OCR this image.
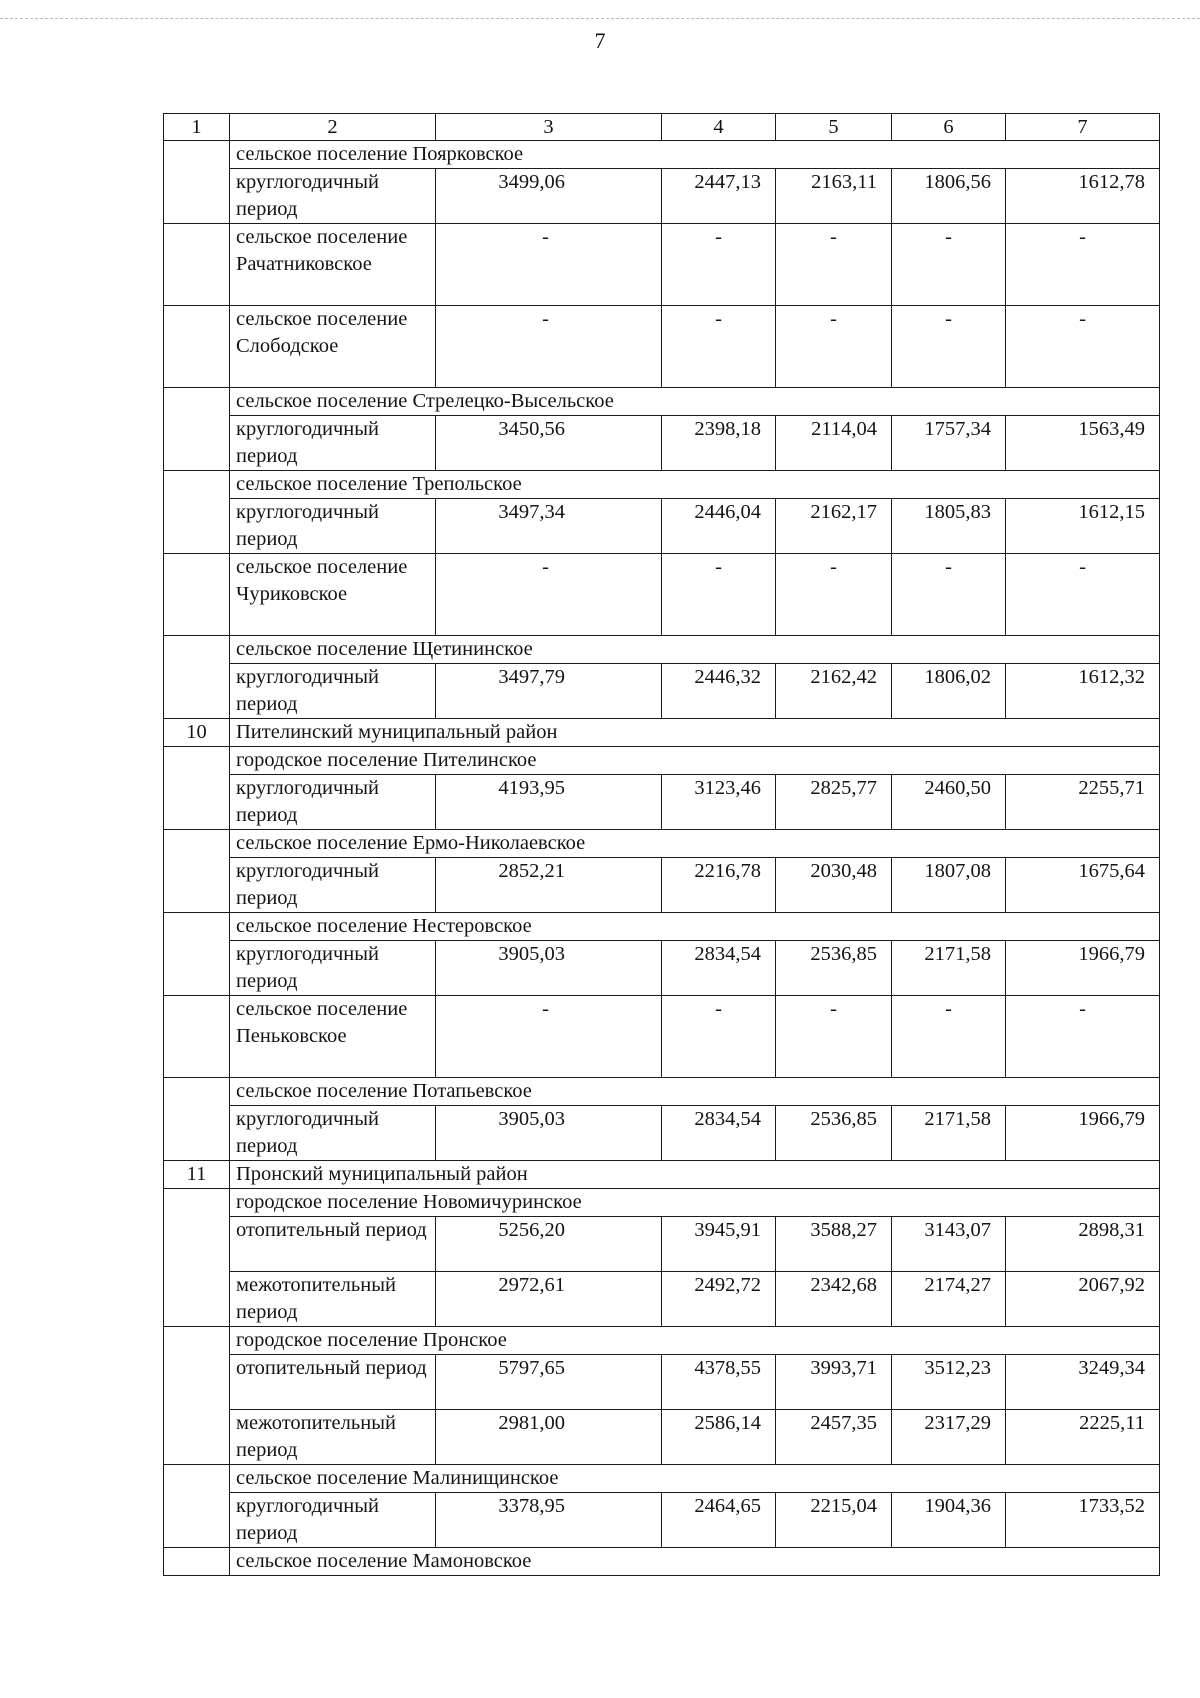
7
1	2	3	4	5	6	7
	сельское поселение Поярковское					
	круглогодичный период	3499,06	2447,13	2163,11	1806,56	1612,78
	сельское поселение Рачатниковское	-	-	-	-	-
	сельское поселение Слободское	-	-	-	-	-
	сельское поселение Стрелецко-Высельское					
	круглогодичный период	3450,56	2398,18	2114,04	1757,34	1563,49
	сельское поселение Трепольское					
	круглогодичный период	3497,34	2446,04	2162,17	1805,83	1612,15
	сельское поселение Чуриковское	-	-	-	-	-
	сельское поселение Щетининское					
	круглогодичный период	3497,79	2446,32	2162,42	1806,02	1612,32
10	Пителинский муниципальный район					
	городское поселение Пителинское					
	круглогодичный период	4193,95	3123,46	2825,77	2460,50	2255,71
	сельское поселение Ермо-Николаевское					
	круглогодичный период	2852,21	2216,78	2030,48	1807,08	1675,64
	сельское поселение Нестеровское					
	круглогодичный период	3905,03	2834,54	2536,85	2171,58	1966,79
	сельское поселение Пеньковское	-	-	-	-	-
	сельское поселение Потапьевское					
	круглогодичный период	3905,03	2834,54	2536,85	2171,58	1966,79
11	Пронский муниципальный район					
	городское поселение Новомичуринское					
	отопительный период	5256,20	3945,91	3588,27	3143,07	2898,31
	межотопительный период	2972,61	2492,72	2342,68	2174,27	2067,92
	городское поселение Пронское					
	отопительный период	5797,65	4378,55	3993,71	3512,23	3249,34
	межотопительный период	2981,00	2586,14	2457,35	2317,29	2225,11
	сельское поселение Малинищинское					
	круглогодичный период	3378,95	2464,65	2215,04	1904,36	1733,52
	сельское поселение Мамоновское					
